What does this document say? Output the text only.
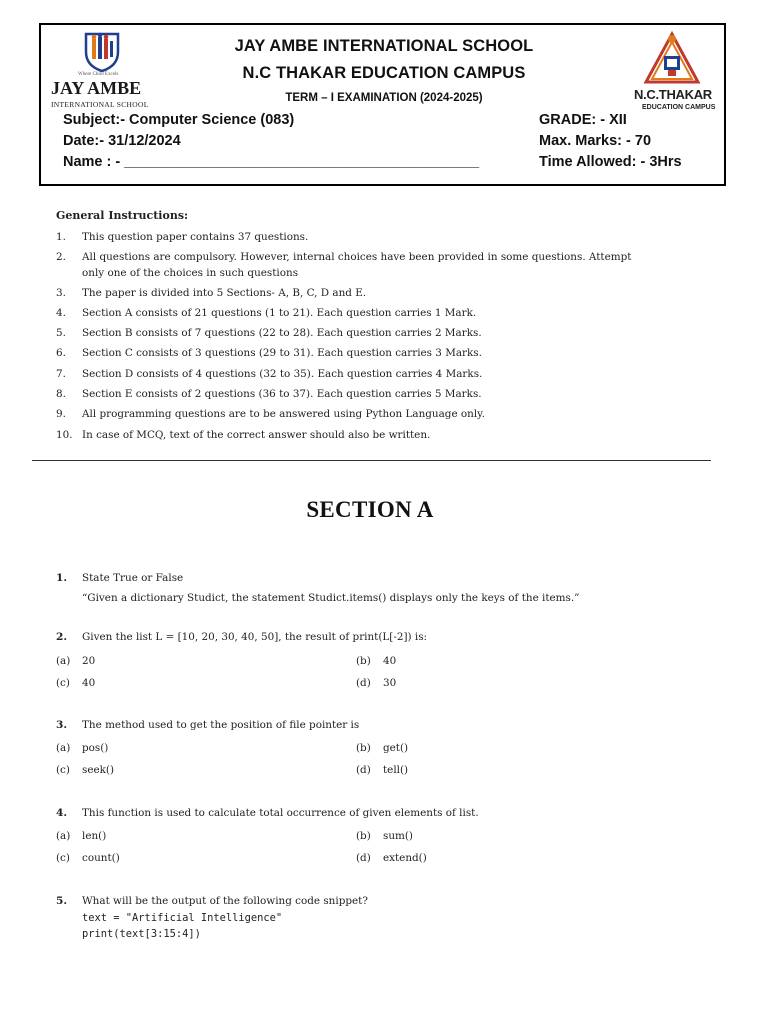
Where Child Excels
JAY AMBE
INTERNATIONAL SCHOOL
N.C.THAKAR
EDUCATION CAMPUS
JAY AMBE INTERNATIONAL SCHOOL
N.C THAKAR EDUCATION CAMPUS
TERM – I EXAMINATION (2024-2025)
Subject:- Computer Science (083)
Date:- 31/12/2024
Name : - ____________________________________________
GRADE: - XII
Max. Marks: - 70
Time Allowed: - 3Hrs
General Instructions:
1. This question paper contains 37 questions.
2. All questions are compulsory. However, internal choices have been provided in some questions. Attempt
only one of the choices in such questions
3. The paper is divided into 5 Sections- A, B, C, D and E.
4. Section A consists of 21 questions (1 to 21). Each question carries 1 Mark.
5. Section B consists of 7 questions (22 to 28). Each question carries 2 Marks.
6. Section C consists of 3 questions (29 to 31). Each question carries 3 Marks.
7. Section D consists of 4 questions (32 to 35). Each question carries 4 Marks.
8. Section E consists of 2 questions (36 to 37). Each question carries 5 Marks.
9. All programming questions are to be answered using Python Language only.
10. In case of MCQ, text of the correct answer should also be written.
SECTION A
1. State True or False
“Given a dictionary Studict, the statement Studict.items() displays only the keys of the items.”
2. Given the list L = [10, 20, 30, 40, 50], the result of print(L[-2]) is:
(a) 20	(b) 40
(c) 40	(d) 30
3. The method used to get the position of file pointer is
(a) pos()	(b) get()
(c) seek()	(d) tell()
4. This function is used to calculate total occurrence of given elements of list.
(a) len()	(b) sum()
(c) count()	(d) extend()
5. What will be the output of the following code snippet?
text = "Artificial Intelligence"
print(text[3:15:4])
